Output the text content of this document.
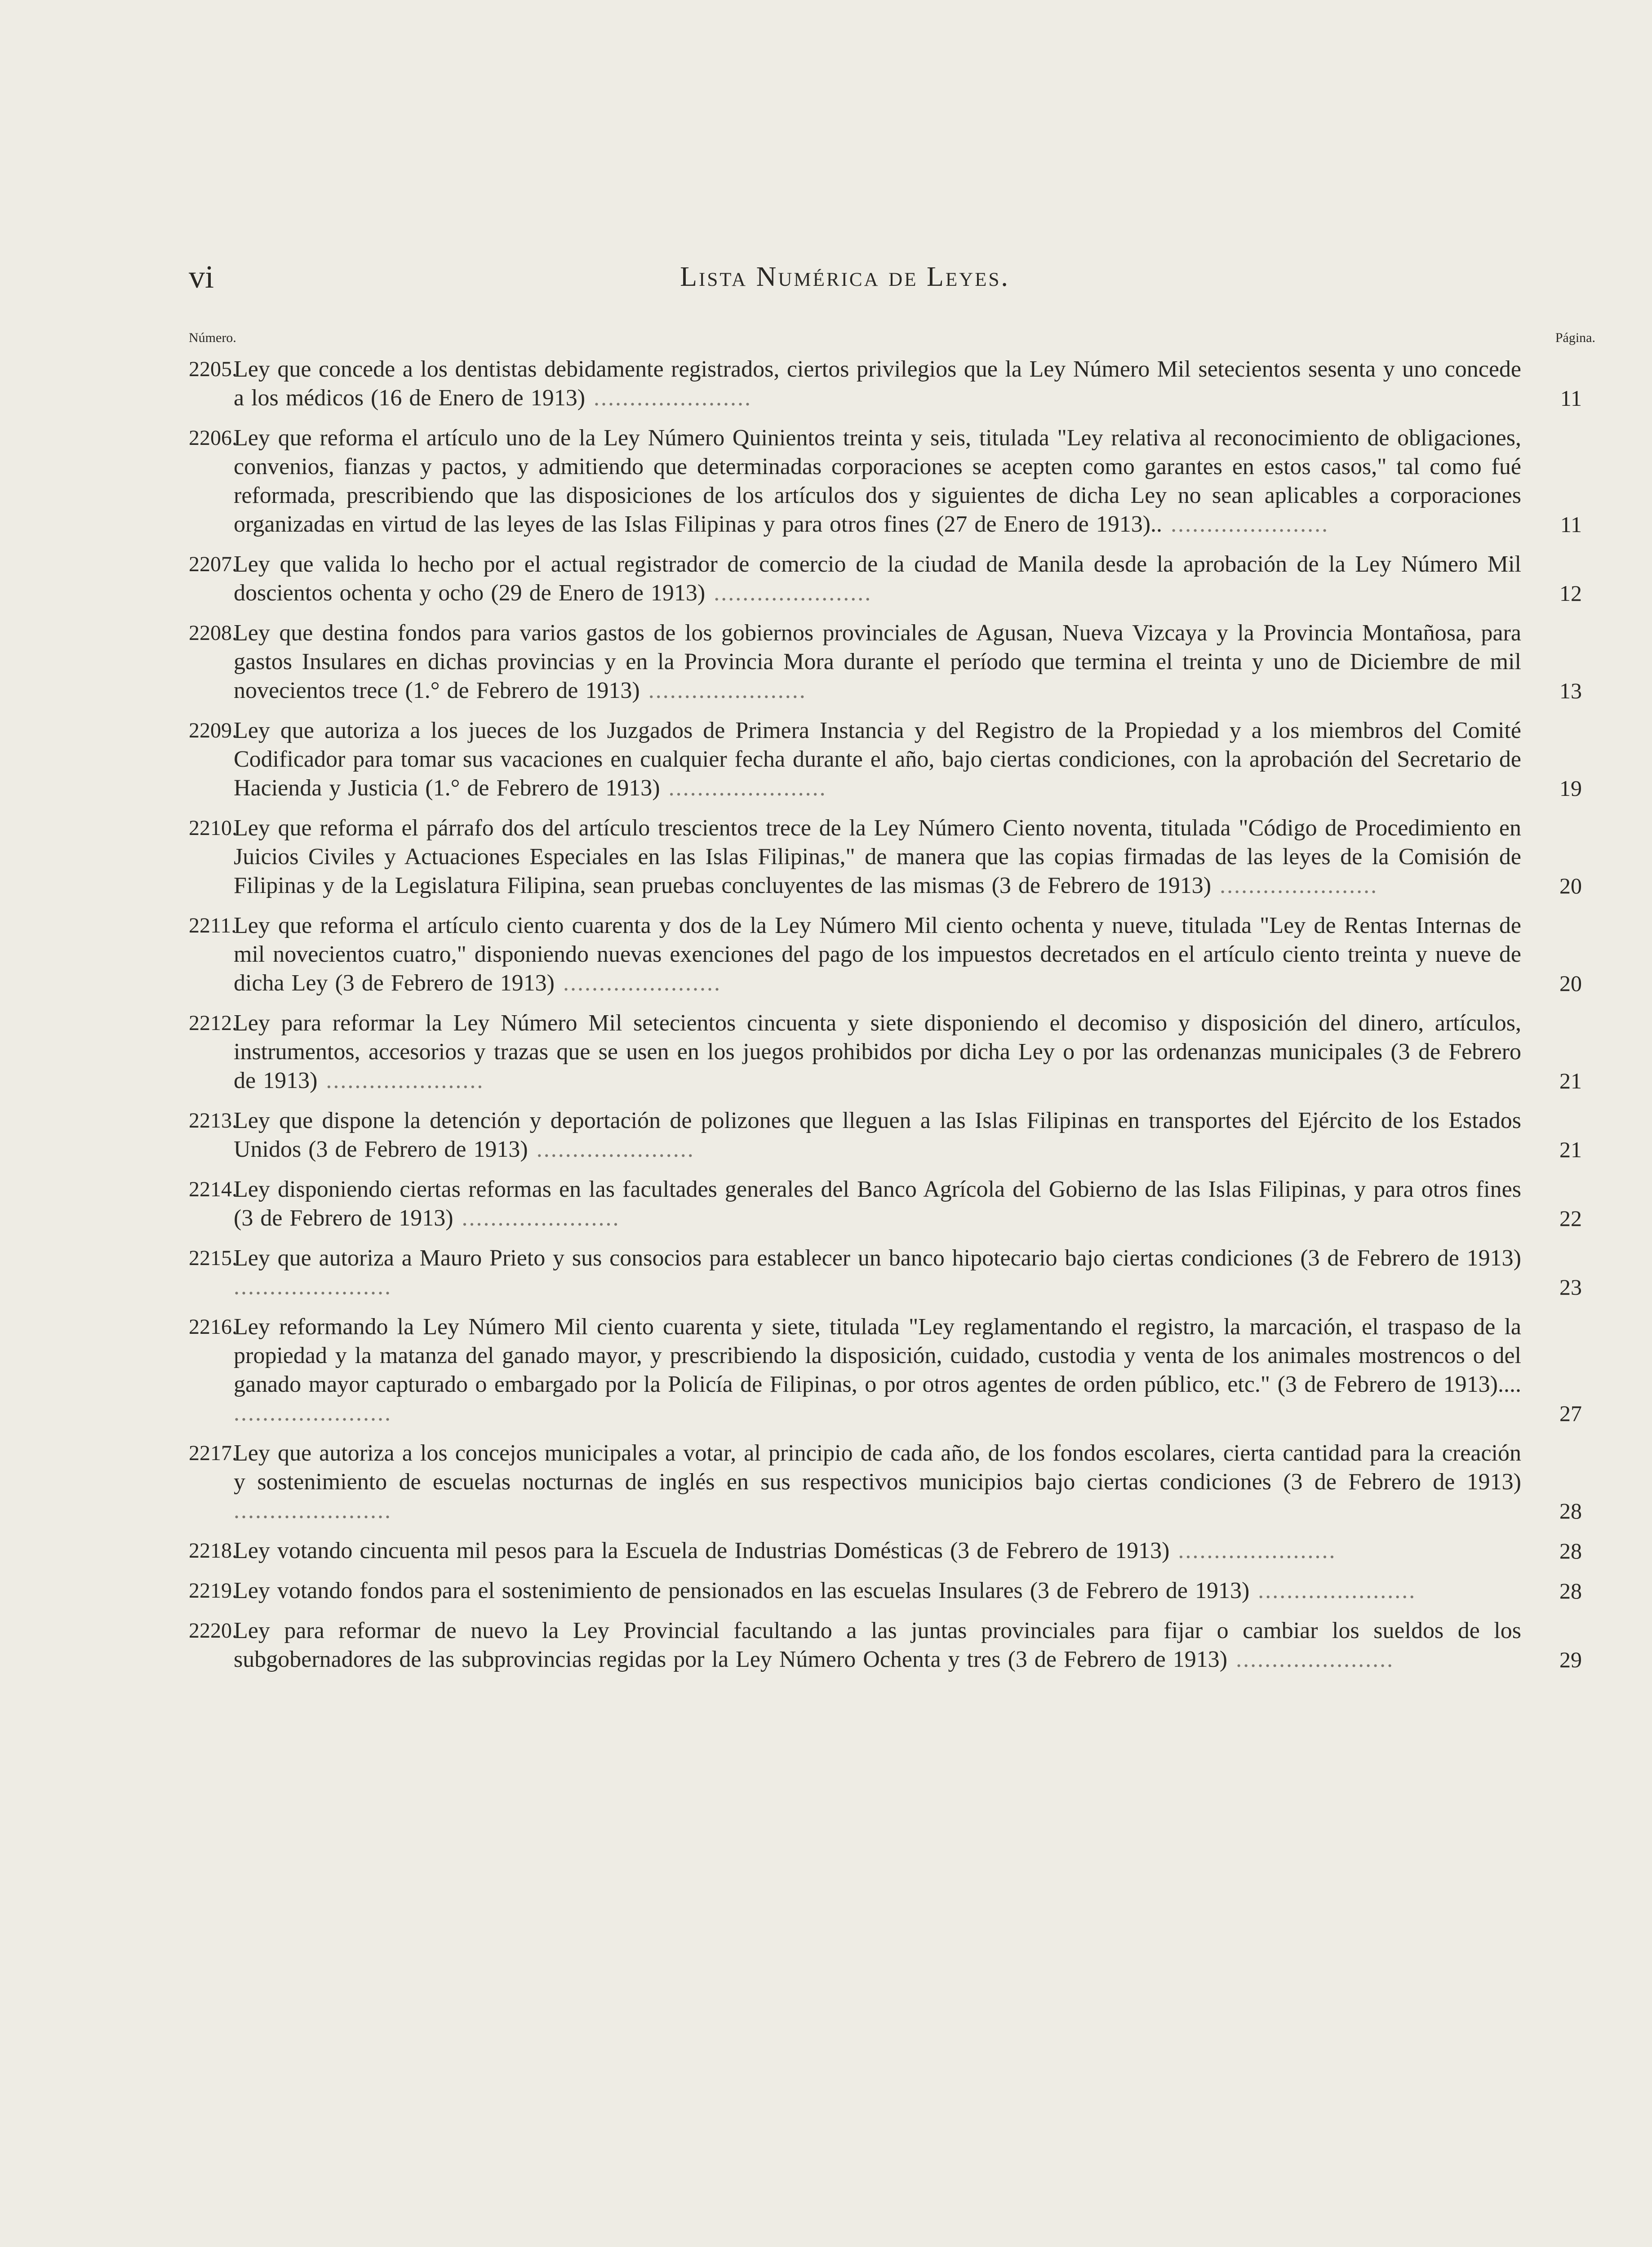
vi	Lista Numérica de Leyes.
Número.	Página.
2205.
Ley que concede a los dentistas debidamente registrados, ciertos privilegios que la Ley Número Mil setecientos sesenta y uno concede a los médicos (16 de Enero de 1913) ......................	11
2206.
Ley que reforma el artículo uno de la Ley Número Quinientos treinta y seis, titulada "Ley relativa al reconocimiento de obligaciones, convenios, fianzas y pactos, y admitiendo que determinadas corporaciones se acepten como garantes en estos casos," tal como fué reformada, prescribiendo que las disposiciones de los artículos dos y siguientes de dicha Ley no sean aplicables a corporaciones organizadas en virtud de las leyes de las Islas Filipinas y para otros fines (27 de Enero de 1913).. ......................	11
2207.
Ley que valida lo hecho por el actual registrador de comercio de la ciudad de Manila desde la aprobación de la Ley Número Mil doscientos ochenta y ocho (29 de Enero de 1913) ......................	12
2208.
Ley que destina fondos para varios gastos de los gobiernos provinciales de Agusan, Nueva Vizcaya y la Provincia Montañosa, para gastos Insulares en dichas provincias y en la Provincia Mora durante el período que termina el treinta y uno de Diciembre de mil novecientos trece (1.° de Febrero de 1913) ......................	13
2209.
Ley que autoriza a los jueces de los Juzgados de Primera Instancia y del Registro de la Propiedad y a los miembros del Comité Codificador para tomar sus vacaciones en cualquier fecha durante el año, bajo ciertas condiciones, con la aprobación del Secretario de Hacienda y Justicia (1.° de Febrero de 1913) ......................	19
2210.
Ley que reforma el párrafo dos del artículo trescientos trece de la Ley Número Ciento noventa, titulada "Código de Procedimiento en Juicios Civiles y Actuaciones Especiales en las Islas Filipinas," de manera que las copias firmadas de las leyes de la Comisión de Filipinas y de la Legislatura Filipina, sean pruebas concluyentes de las mismas (3 de Febrero de 1913) ......................	20
2211.
Ley que reforma el artículo ciento cuarenta y dos de la Ley Número Mil ciento ochenta y nueve, titulada "Ley de Rentas Internas de mil novecientos cuatro," disponiendo nuevas exenciones del pago de los impuestos decretados en el artículo ciento treinta y nueve de dicha Ley (3 de Febrero de 1913) ......................	20
2212.
Ley para reformar la Ley Número Mil setecientos cincuenta y siete disponiendo el decomiso y disposición del dinero, artículos, instrumentos, accesorios y trazas que se usen en los juegos prohibidos por dicha Ley o por las ordenanzas municipales (3 de Febrero de 1913) ......................	21
2213.
Ley que dispone la detención y deportación de polizones que lleguen a las Islas Filipinas en transportes del Ejército de los Estados Unidos (3 de Febrero de 1913) ......................	21
2214.
Ley disponiendo ciertas reformas en las facultades generales del Banco Agrícola del Gobierno de las Islas Filipinas, y para otros fines (3 de Febrero de 1913) ......................	22
2215.
Ley que autoriza a Mauro Prieto y sus consocios para establecer un banco hipotecario bajo ciertas condiciones (3 de Febrero de 1913) ......................	23
2216.
Ley reformando la Ley Número Mil ciento cuarenta y siete, titulada "Ley reglamentando el registro, la marcación, el traspaso de la propiedad y la matanza del ganado mayor, y prescribiendo la disposición, cuidado, custodia y venta de los animales mostrencos o del ganado mayor capturado o embargado por la Policía de Filipinas, o por otros agentes de orden público, etc." (3 de Febrero de 1913).... ......................	27
2217.
Ley que autoriza a los concejos municipales a votar, al principio de cada año, de los fondos escolares, cierta cantidad para la creación y sostenimiento de escuelas nocturnas de inglés en sus respectivos municipios bajo ciertas condiciones (3 de Febrero de 1913) ......................	28
2218.
Ley votando cincuenta mil pesos para la Escuela de Industrias Domésticas (3 de Febrero de 1913) ......................	28
2219.
Ley votando fondos para el sostenimiento de pensionados en las escuelas Insulares (3 de Febrero de 1913) ......................	28
2220.
Ley para reformar de nuevo la Ley Provincial facultando a las juntas provinciales para fijar o cambiar los sueldos de los subgobernadores de las subprovincias regidas por la Ley Número Ochenta y tres (3 de Febrero de 1913) ......................	29
